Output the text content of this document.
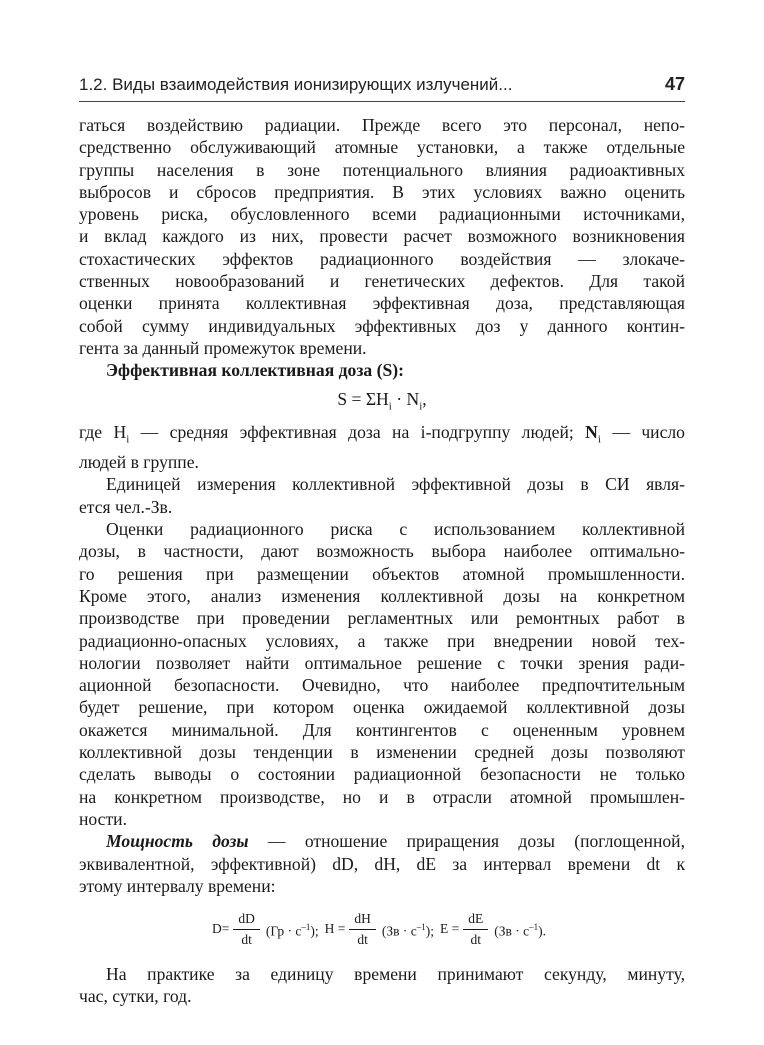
1.2. Виды взаимодействия ионизирующих излучений...	47

гаться воздействию радиации. Прежде всего это персонал, непо-
средственно обслуживающий атомные установки, а также отдельные
группы населения в зоне потенциального влияния радиоактивных
выбросов и сбросов предприятия. В этих условиях важно оценить
уровень риска, обусловленного всеми радиационными источниками,
и вклад каждого из них, провести расчет возможного возникновения
стохастических эффектов радиационного воздействия — злокаче-
ственных новообразований и генетических дефектов. Для такой
оценки принята коллективная эффективная доза, представляющая
собой сумму индивидуальных эффективных доз у данного контин-
гента за данный промежуток времени.

Эффективная коллективная доза (S):

$S = \Sigma H_i \cdot N_i$,

где $H_i$ — средняя эффективная доза на i-подгруппу людей; $N_i$ — число
людей в группе.

Единицей измерения коллективной эффективной дозы в СИ явля-
ется чел.-Зв.

Оценки радиационного риска с использованием коллективной
дозы, в частности, дают возможность выбора наиболее оптимально-
го решения при размещении объектов атомной промышленности.
Кроме этого, анализ изменения коллективной дозы на конкретном
производстве при проведении регламентных или ремонтных работ в
радиационно-опасных условиях, а также при внедрении новой тех-
нологии позволяет найти оптимальное решение с точки зрения ради-
ационной безопасности. Очевидно, что наиболее предпочтительным
будет решение, при котором оценка ожидаемой коллективной дозы
окажется минимальной. Для контингентов с оцененным уровнем
коллективной дозы тенденции в изменении средней дозы позволяют
сделать выводы о состоянии радиационной безопасности не только
на конкретном производстве, но и в отрасли атомной промышлен-
ности.

Мощность дозы — отношение приращения дозы (поглощенной,
эквивалентной, эффективной) dD, dH, dE за интервал времени dt к
этому интервалу времени:

$D= \frac{dD}{dt} (Гр \cdot с^{-1})$; $H = \frac{dH}{dt} (Зв \cdot с^{-1})$; $E = \frac{dE}{dt} (Зв \cdot с^{-1})$.

На практике за единицу времени принимают секунду, минуту,
час, сутки, год.
